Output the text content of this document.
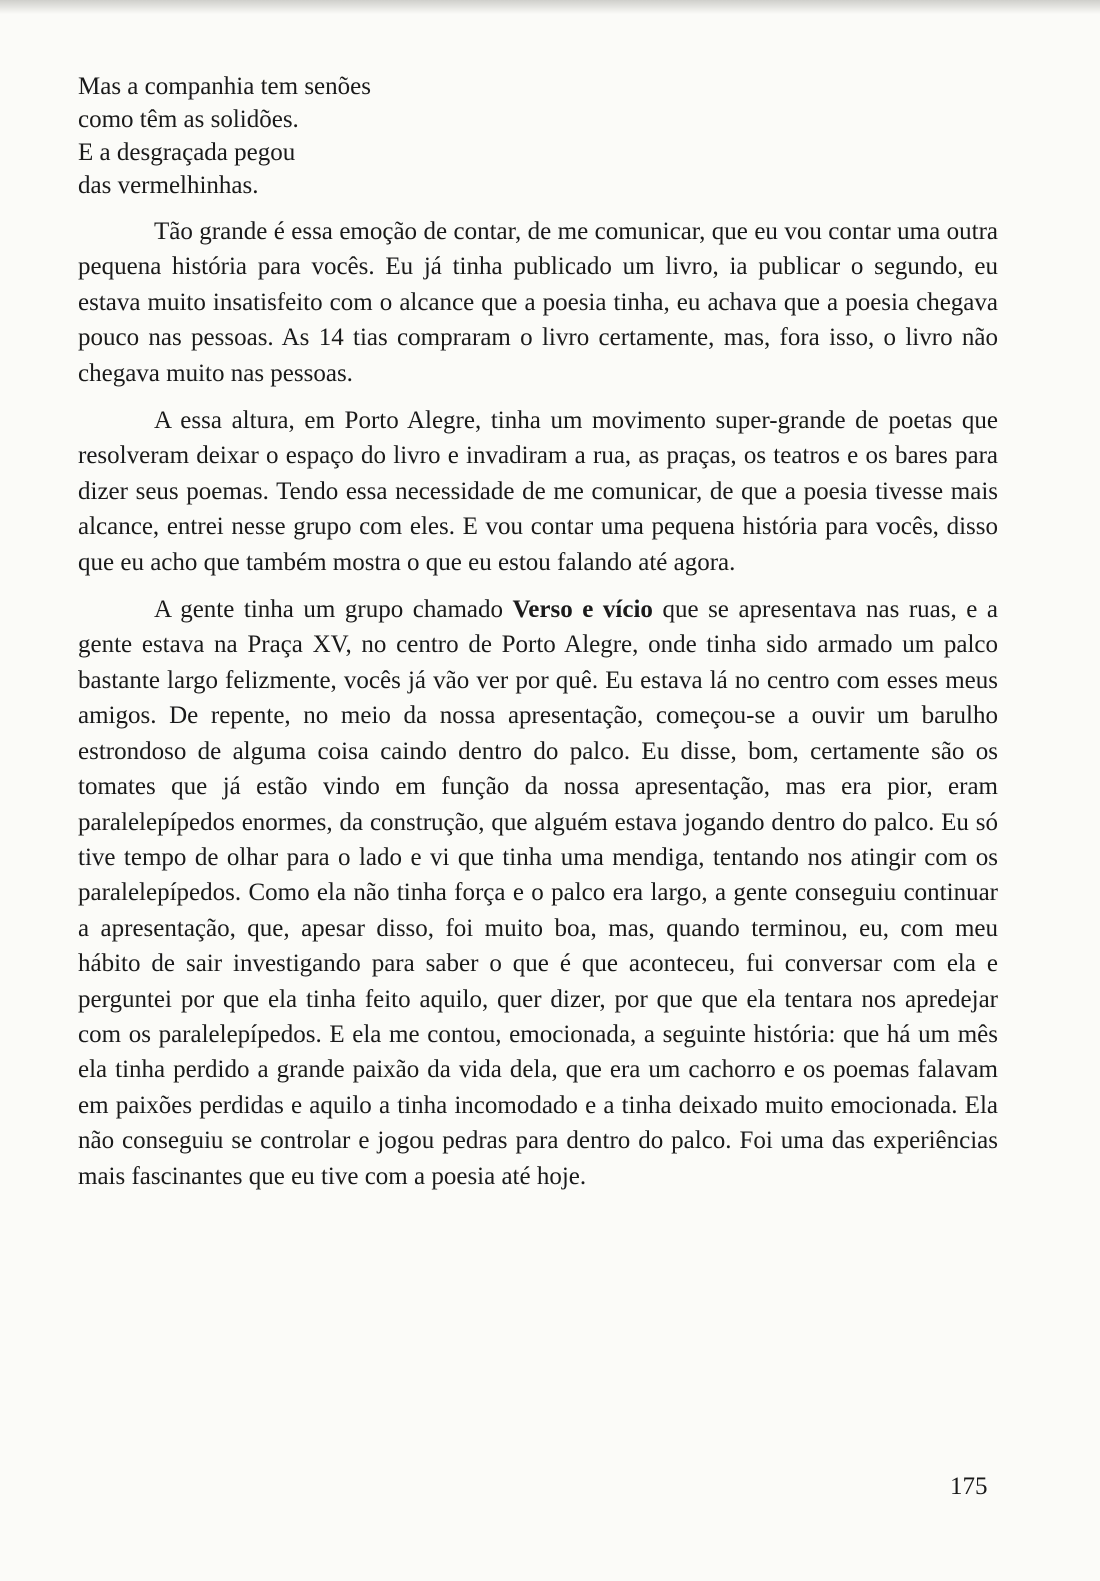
Mas a companhia tem senões
como têm as solidões.
E a desgraçada pegou
das vermelhinhas.

Tão grande é essa emoção de contar, de me comunicar, que eu vou contar uma outra pequena história para vocês. Eu já tinha publicado um livro, ia publicar o segundo, eu estava muito insatisfeito com o alcance que a poesia tinha, eu achava que a poesia chegava pouco nas pessoas. As 14 tias compraram o livro certamente, mas, fora isso, o livro não chegava muito nas pessoas.

A essa altura, em Porto Alegre, tinha um movimento super-grande de poetas que resolveram deixar o espaço do livro e invadiram a rua, as praças, os teatros e os bares para dizer seus poemas. Tendo essa necessidade de me comunicar, de que a poesia tivesse mais alcance, entrei nesse grupo com eles. E vou contar uma pequena história para vocês, disso que eu acho que também mostra o que eu estou falando até agora.

A gente tinha um grupo chamado Verso e vício que se apresentava nas ruas, e a gente estava na Praça XV, no centro de Porto Alegre, onde tinha sido armado um palco bastante largo felizmente, vocês já vão ver por quê. Eu estava lá no centro com esses meus amigos. De repente, no meio da nossa apresentação, começou-se a ouvir um barulho estrondoso de alguma coisa caindo dentro do palco. Eu disse, bom, certamente são os tomates que já estão vindo em função da nossa apresentação, mas era pior, eram paralelepípedos enormes, da construção, que alguém estava jogando dentro do palco. Eu só tive tempo de olhar para o lado e vi que tinha uma mendiga, tentando nos atingir com os paralelepípedos. Como ela não tinha força e o palco era largo, a gente conseguiu continuar a apresentação, que, apesar disso, foi muito boa, mas, quando terminou, eu, com meu hábito de sair investigando para saber o que é que aconteceu, fui conversar com ela e perguntei por que ela tinha feito aquilo, quer dizer, por que que ela tentara nos apredejar com os paralelepípedos. E ela me contou, emocionada, a seguinte história: que há um mês ela tinha perdido a grande paixão da vida dela, que era um cachorro e os poemas falavam em paixões perdidas e aquilo a tinha incomodado e a tinha deixado muito emocionada. Ela não conseguiu se controlar e jogou pedras para dentro do palco. Foi uma das experiências mais fascinantes que eu tive com a poesia até hoje.

175
